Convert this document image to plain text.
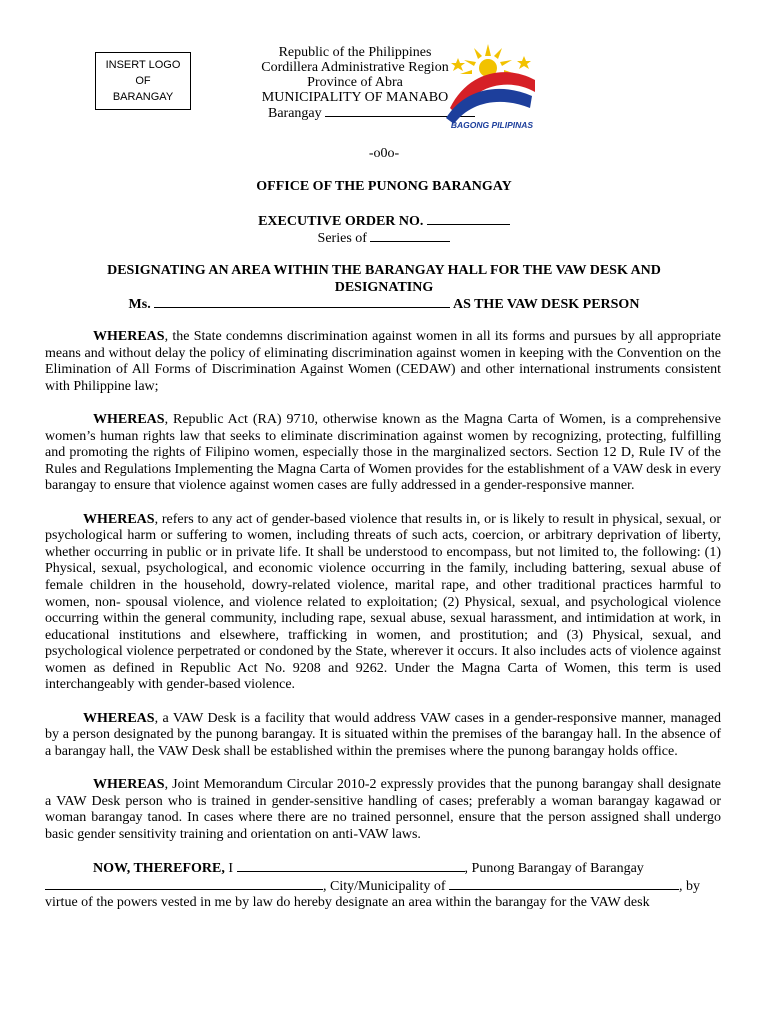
INSERT LOGO
OF
BARANGAY
Republic of the Philippines
Cordillera Administrative Region
Province of Abra
MUNICIPALITY OF MANABO
Barangay
BAGONG PILIPINAS
-o0o-
OFFICE OF THE PUNONG BARANGAY
EXECUTIVE ORDER NO.
Series of
DESIGNATING AN AREA WITHIN THE BARANGAY HALL FOR THE VAW DESK AND
DESIGNATING
Ms.	AS THE VAW DESK PERSON

WHEREAS, the State condemns discrimination against women in all its forms and pursues by all appropriate means and without delay the policy of eliminating discrimination against women in keeping with the Convention on the Elimination of All Forms of Discrimination Against Women (CEDAW) and other international instruments consistent with Philippine law;

WHEREAS, Republic Act (RA) 9710, otherwise known as the Magna Carta of Women, is a comprehensive women’s human rights law that seeks to eliminate discrimination against women by recognizing, protecting, fulfilling and promoting the rights of Filipino women, especially those in the marginalized sectors. Section 12 D, Rule IV of the Rules and Regulations Implementing the Magna Carta of Women provides for the establishment of a VAW desk in every barangay to ensure that violence against women cases are fully addressed in a gender-responsive manner.

WHEREAS, refers to any act of gender-based violence that results in, or is likely to result in physical, sexual, or psychological harm or suffering to women, including threats of such acts, coercion, or arbitrary deprivation of liberty, whether occurring in public or in private life. It shall be understood to encompass, but not limited to, the following: (1) Physical, sexual, psychological, and economic violence occurring in the family, including battering, sexual abuse of female children in the household, dowry-related violence, marital rape, and other traditional practices harmful to women, non- spousal violence, and violence related to exploitation; (2) Physical, sexual, and psychological violence occurring within the general community, including rape, sexual abuse, sexual harassment, and intimidation at work, in educational institutions and elsewhere, trafficking in women, and prostitution; and (3) Physical, sexual, and psychological violence perpetrated or condoned by the State, wherever it occurs. It also includes acts of violence against women as defined in Republic Act No. 9208 and 9262. Under the Magna Carta of Women, this term is used interchangeably with gender-based violence.

WHEREAS, a VAW Desk is a facility that would address VAW cases in a gender-responsive manner, managed by a person designated by the punong barangay. It is situated within the premises of the barangay hall. In the absence of a barangay hall, the VAW Desk shall be established within the premises where the punong barangay holds office.

WHEREAS, Joint Memorandum Circular 2010-2 expressly provides that the punong barangay shall designate a VAW Desk person who is trained in gender-sensitive handling of cases; preferably a woman barangay kagawad or woman barangay tanod. In cases where there are no trained personnel, ensure that the person assigned shall undergo basic gender sensitivity training and orientation on anti-VAW laws.

NOW, THEREFORE, I	, Punong Barangay of Barangay
, City/Municipality of	, by
virtue of the powers vested in me by law do hereby designate an area within the barangay for the VAW desk
